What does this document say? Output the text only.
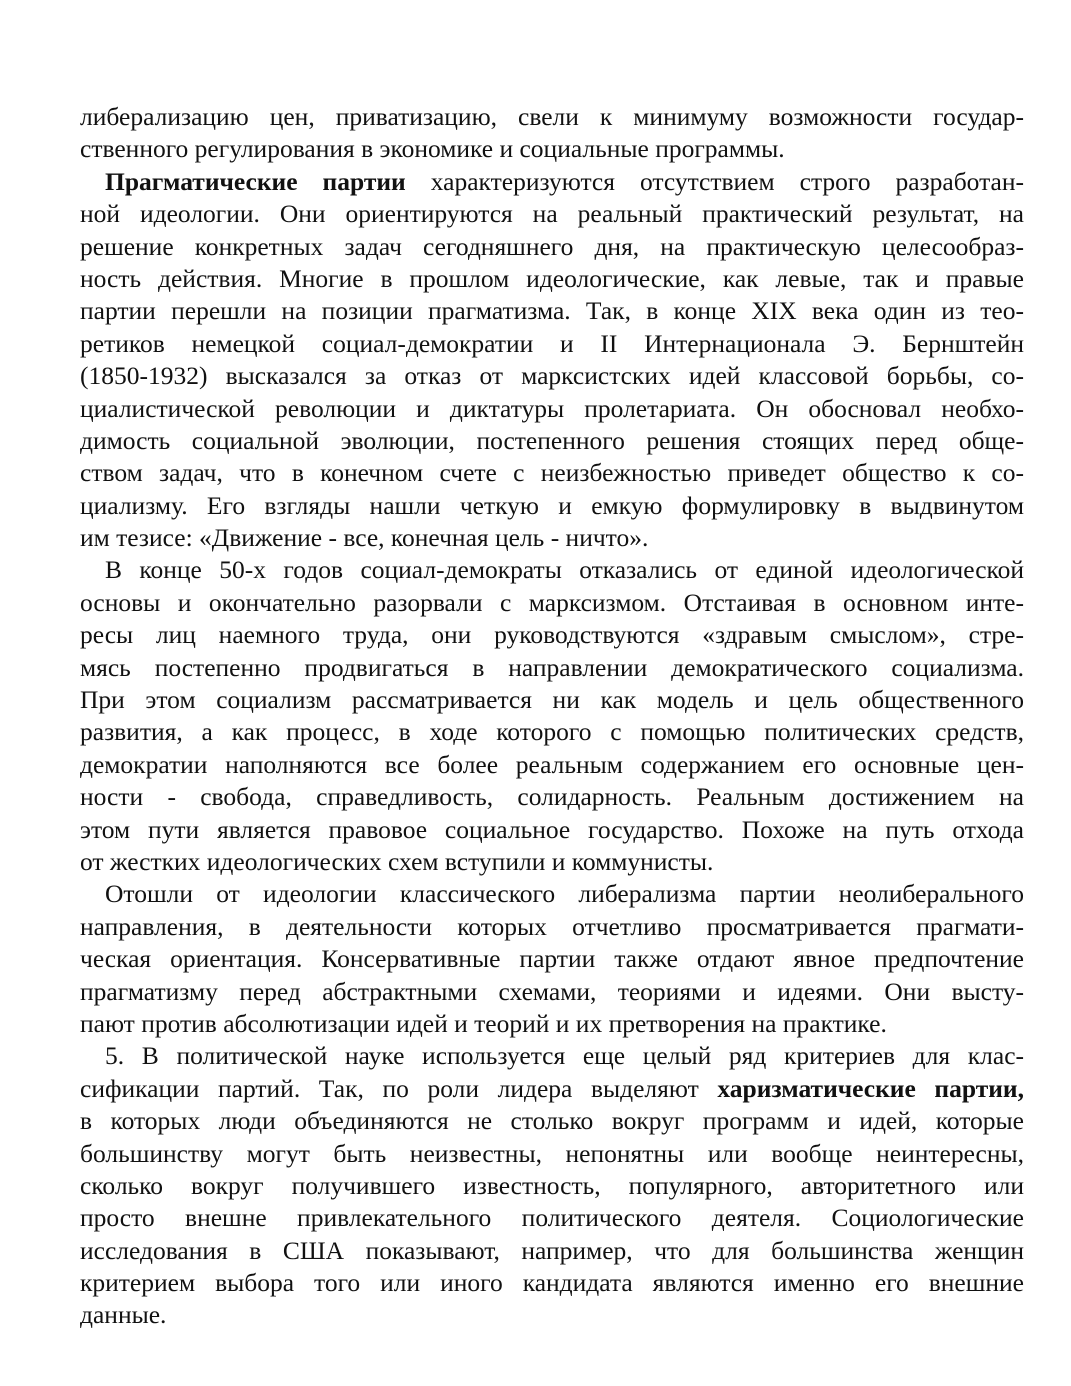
либерализацию цен, приватизацию, свели к минимуму возможности государ-
ственного регулирования в экономике и социальные программы.
Прагматические партии характеризуются отсутствием строго разработан-
ной идеологии. Они ориентируются на реальный практический результат, на
решение конкретных задач сегодняшнего дня, на практическую целесообраз-
ность действия. Многие в прошлом идеологические, как левые, так и правые
партии перешли на позиции прагматизма. Так, в конце XIX века один из тео-
ретиков немецкой социал-демократии и II Интернационала Э. Бернштейн
(1850-1932) высказался за отказ от марксистских идей классовой борьбы, со-
циалистической революции и диктатуры пролетариата. Он обосновал необхо-
димость социальной эволюции, постепенного решения стоящих перед обще-
ством задач, что в конечном счете с неизбежностью приведет общество к со-
циализму. Его взгляды нашли четкую и емкую формулировку в выдвинутом
им тезисе: «Движение - все, конечная цель - ничто».
В конце 50-х годов социал-демократы отказались от единой идеологической
основы и окончательно разорвали с марксизмом. Отстаивая в основном инте-
ресы лиц наемного труда, они руководствуются «здравым смыслом», стре-
мясь постепенно продвигаться в направлении демократического социализма.
При этом социализм рассматривается ни как модель и цель общественного
развития, а как процесс, в ходе которого с помощью политических средств,
демократии наполняются все более реальным содержанием его основные цен-
ности - свобода, справедливость, солидарность. Реальным достижением на
этом пути является правовое социальное государство. Похоже на путь отхода
от жестких идеологических схем вступили и коммунисты.
Отошли от идеологии классического либерализма партии неолиберального
направления, в деятельности которых отчетливо просматривается прагмати-
ческая ориентация. Консервативные партии также отдают явное предпочтение
прагматизму перед абстрактными схемами, теориями и идеями. Они высту-
пают против абсолютизации идей и теорий и их претворения на практике.
5. В политической науке используется еще целый ряд критериев для клас-
сификации партий. Так, по роли лидера выделяют харизматические партии,
в которых люди объединяются не столько вокруг программ и идей, которые
большинству могут быть неизвестны, непонятны или вообще неинтересны,
сколько вокруг получившего известность, популярного, авторитетного или
просто внешне привлекательного политического деятеля. Социологические
исследования в США показывают, например, что для большинства женщин
критерием выбора того или иного кандидата являются именно его внешние
данные.
